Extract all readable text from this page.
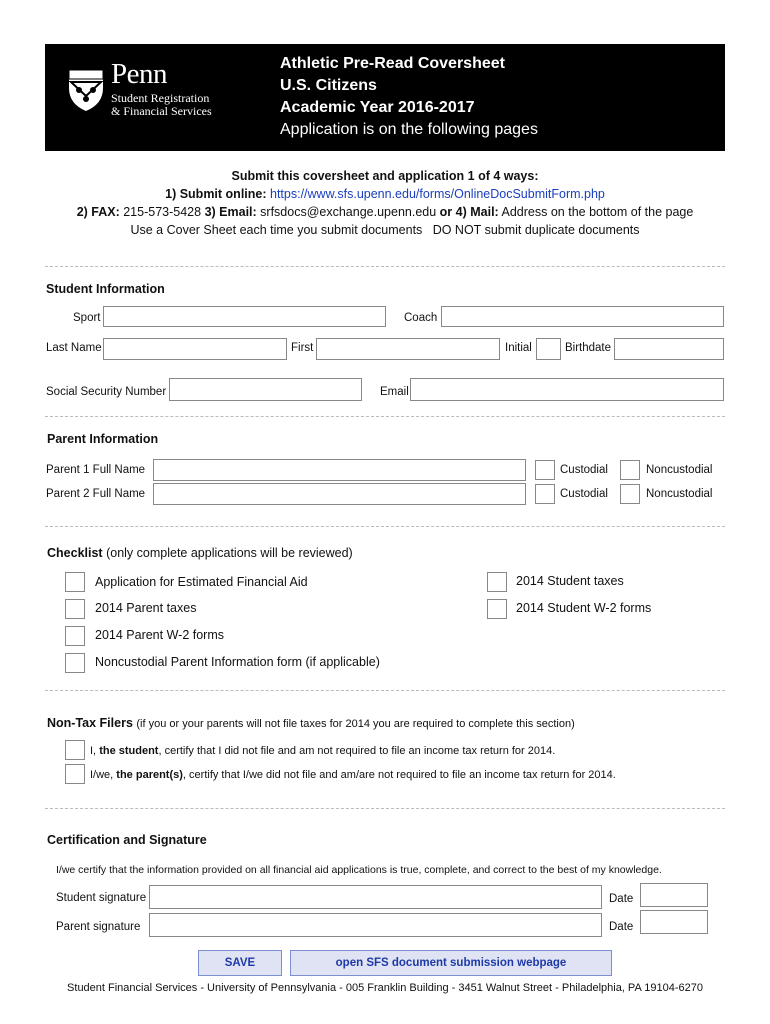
Penn
Student Registration
& Financial Services
Athletic Pre-Read Coversheet
U.S. Citizens
Academic Year 2016-2017
Application is on the following pages
Submit this coversheet and application 1 of 4 ways:
1) Submit online: https://www.sfs.upenn.edu/forms/OnlineDocSubmitForm.php
2) FAX: 215-573-5428 3) Email: srfsdocs@exchange.upenn.edu or 4) Mail: Address on the bottom of the page
Use a Cover Sheet each time you submit documents   DO NOT submit duplicate documents
Student Information
Sport	Coach
Last Name	First	Initial	Birthdate
Social Security Number	Email
Parent Information
Parent 1 Full Name	Custodial	Noncustodial
Parent 2 Full Name	Custodial	Noncustodial
Checklist (only complete applications will be reviewed)
Application for Estimated Financial Aid
2014 Parent taxes
2014 Parent W-2 forms
Noncustodial Parent Information form (if applicable)
2014 Student taxes
2014 Student W-2 forms
Non-Tax Filers (if you or your parents will not file taxes for 2014 you are required to complete this section)
I, the student, certify that I did not file and am not required to file an income tax return for 2014.
I/we, the parent(s), certify that I/we did not file and am/are not required to file an income tax return for 2014.
Certification and Signature
I/we certify that the information provided on all financial aid applications is true, complete, and correct to the best of my knowledge.
Student signature	Date
Parent signature	Date
SAVE	open SFS document submission webpage
Student Financial Services - University of Pennsylvania - 005 Franklin Building - 3451 Walnut Street - Philadelphia, PA 19104-6270
